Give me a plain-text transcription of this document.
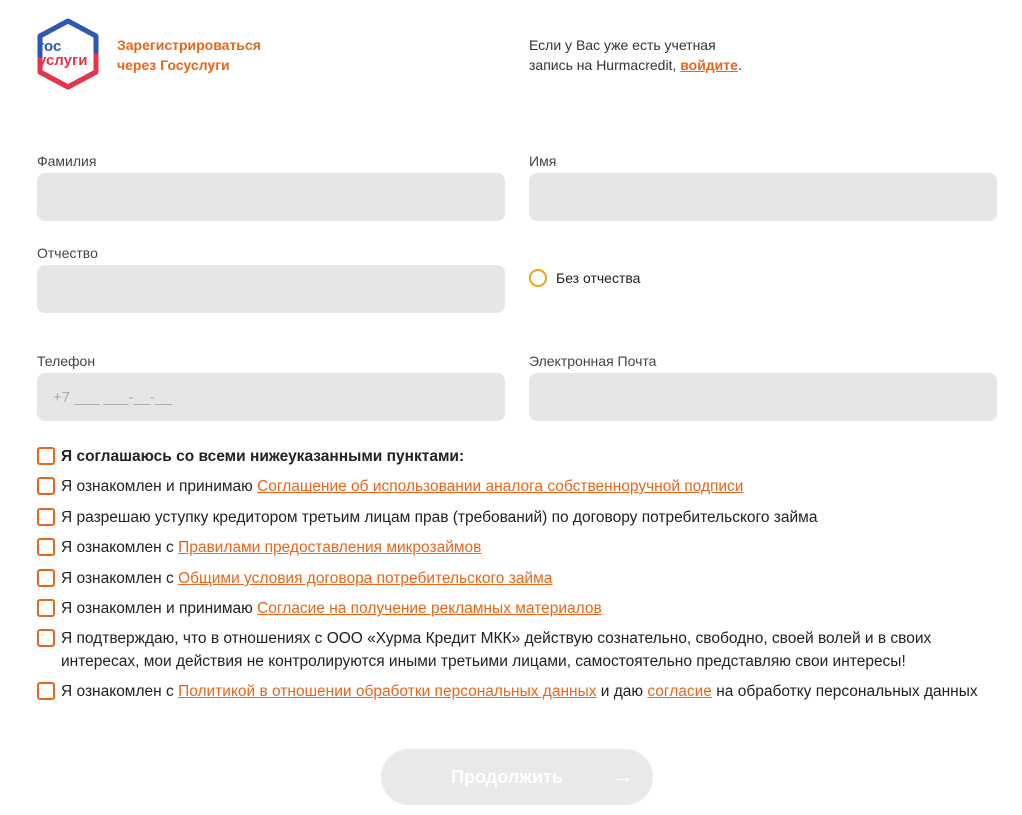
гос
услуги
Зарегистрироваться
через Госуслуги
Если у Вас уже есть учетная
запись на Hurmacredit, войдите.
Фамилия	Имя
Отчество
Без отчества
Телефон
+7 ___ ___-__-__
Электронная Почта
Я соглашаюсь со всеми нижеуказанными пунктами:
Я ознакомлен и принимаю Соглашение об использовании аналога собственноручной подписи
Я разрешаю уступку кредитором третьим лицам прав (требований) по договору потребительского займа
Я ознакомлен с Правилами предоставления микрозаймов
Я ознакомлен с Общими условия договора потребительского займа
Я ознакомлен и принимаю Согласие на получение рекламных материалов
Я подтверждаю, что в отношениях с ООО «Хурма Кредит МКК» действую сознательно, свободно, своей волей и в своих интересах, мои действия не контролируются иными третьими лицами, самостоятельно представляю свои интересы!
Я ознакомлен с Политикой в отношении обработки персональных данных и даю согласие на обработку персональных данных
Продолжить	→
